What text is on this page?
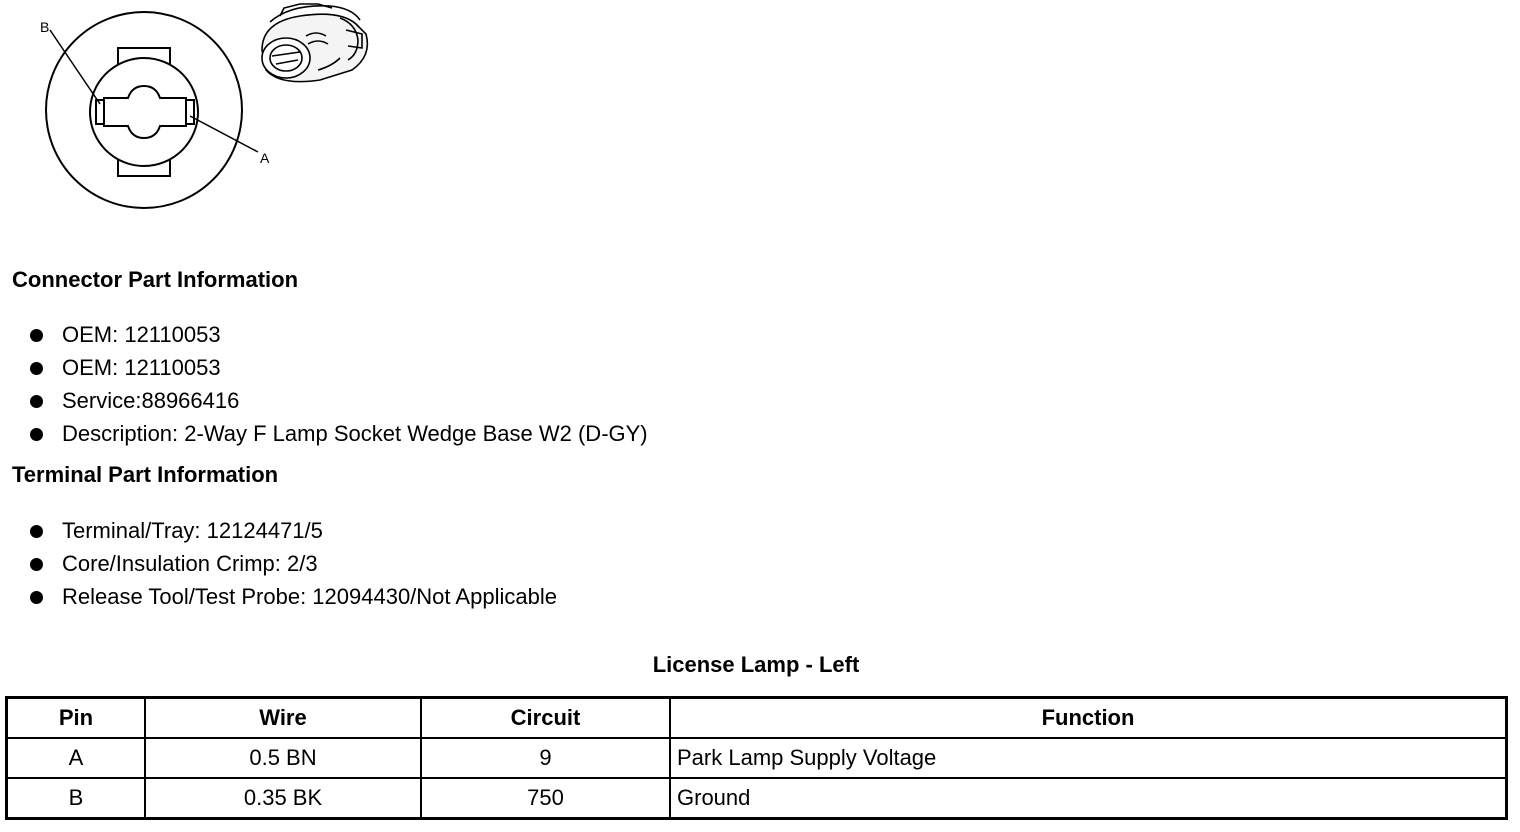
B
A
Connector Part Information
OEM: 12110053
OEM: 12110053
Service:88966416
Description: 2-Way F Lamp Socket Wedge Base W2 (D-GY)
Terminal Part Information
Terminal/Tray: 12124471/5
Core/Insulation Crimp: 2/3
Release Tool/Test Probe: 12094430/Not Applicable
License Lamp - Left
Pin	Wire	Circuit	Function
A	0.5 BN	9	Park Lamp Supply Voltage
B	0.35 BK	750	Ground
